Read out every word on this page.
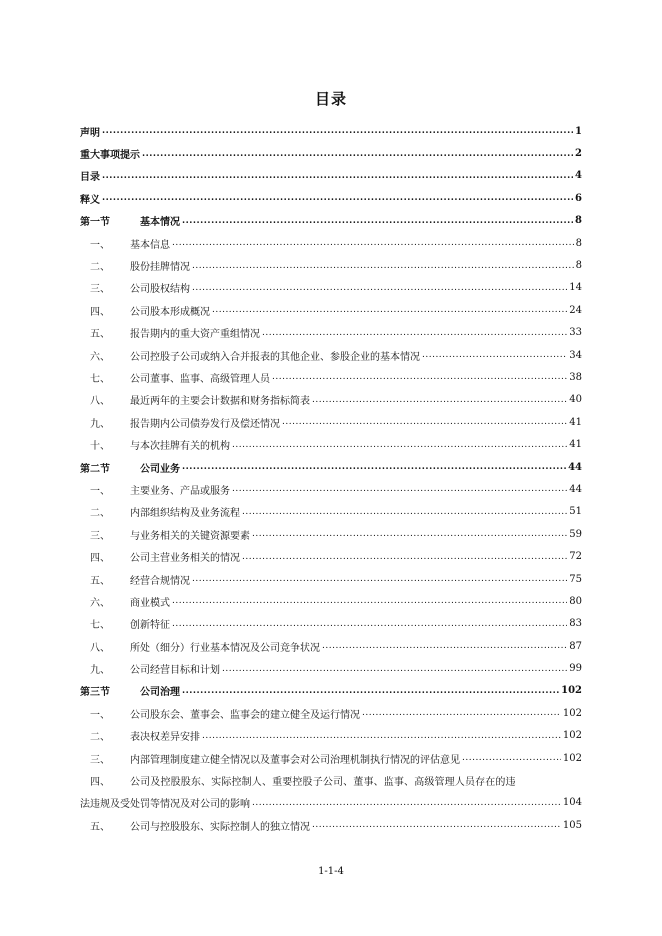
目录
声明 .....	1
重大事项提示 .....	2
目录 .....	4
释义 .....	6
第一节	基本情况 .....	8
一、	基本信息 .....	8
二、	股份挂牌情况 .....	8
三、	公司股权结构 .....	14
四、	公司股本形成概况 .....	24
五、	报告期内的重大资产重组情况 .....	33
六、	公司控股子公司或纳入合并报表的其他企业、参股企业的基本情况 .....	34
七、	公司董事、监事、高级管理人员 .....	38
八、	最近两年的主要会计数据和财务指标简表 .....	40
九、	报告期内公司债券发行及偿还情况 .....	41
十、	与本次挂牌有关的机构 .....	41
第二节	公司业务 .....	44
一、	主要业务、产品或服务 .....	44
二、	内部组织结构及业务流程 .....	51
三、	与业务相关的关键资源要素 .....	59
四、	公司主营业务相关的情况 .....	72
五、	经营合规情况 .....	75
六、	商业模式 .....	80
七、	创新特征 .....	83
八、	所处（细分）行业基本情况及公司竞争状况 .....	87
九、	公司经营目标和计划 .....	99
第三节	公司治理 .....	102
一、	公司股东会、董事会、监事会的建立健全及运行情况 .....	102
二、	表决权差异安排 .....	102
三、	内部管理制度建立健全情况以及董事会对公司治理机制执行情况的评估意见 .....	102
四、	公司及控股股东、实际控制人、重要控股子公司、董事、监事、高级管理人员存在的违
法违规及受处罚等情况及对公司的影响 .....	104
五、	公司与控股股东、实际控制人的独立情况 .....	105
1-1-4
